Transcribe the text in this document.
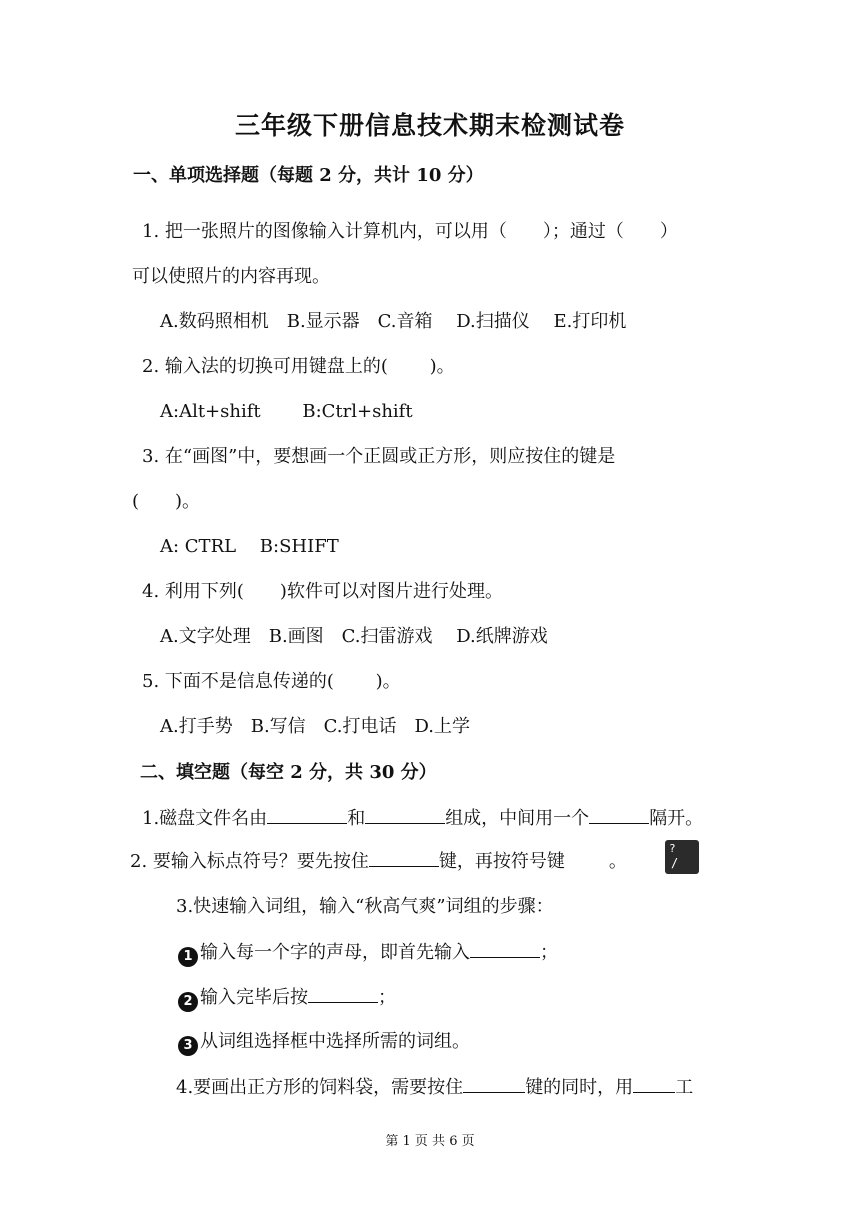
三年级下册信息技术期末检测试卷
一、单项选择题（每题 2 分，共计 10 分）
1. 把一张照片的图像输入计算机内，可以用（　　）；通过（　　）
可以使照片的内容再现。
A.数码照相机　B.显示器　C.音箱　 D.扫描仪　 E.打印机
2. 输入法的切换可用键盘上的(　　 )。
A:Alt+shift　　 B:Ctrl+shift
3. 在“画图”中，要想画一个正圆或正方形，则应按住的键是
(　　)。
A: CTRL　 B:SHIFT
4. 利用下列(　　)软件可以对图片进行处理。
A.文字处理　B.画图　C.扫雷游戏　 D.纸牌游戏
5. 下面不是信息传递的(　　 )。
A.打手势　B.写信　C.打电话　D.上学
二、填空题（每空 2 分，共 30 分）
1.磁盘文件名由	和	组成，中间用一个	隔开。
2. 要输入标点符号？要先按住	键，再按符号键 。
?
/
3.快速输入词组，输入“秋高气爽”词组的步骤：
1 输入每一个字的声母，即首先输入	；
2 输入完毕后按	；
3 从词组选择框中选择所需的词组。
4.要画出正方形的饲料袋，需要按住	键的同时，用 工
第 1 页 共 6 页
